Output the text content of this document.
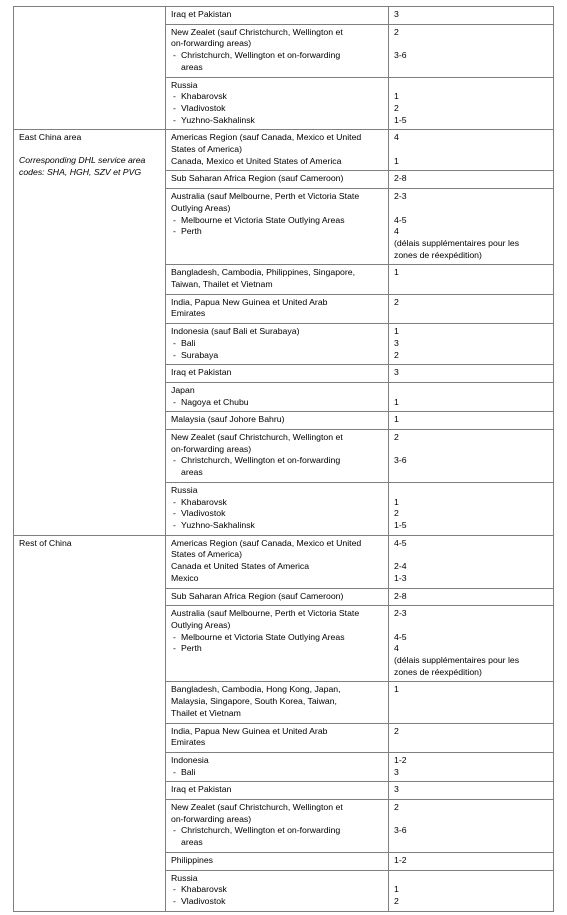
	Iraq et Pakistan	3

	New Zealet (sauf Christchurch, Wellington et
on-forwarding areas)
- Christchurch, Wellington et on-forwarding
areas	2
3-6

	Russia
- Khabarovsk
- Vladivostok
- Yuzhno-Sakhalinsk	1
2
1-5

East China area
Corresponding DHL service area codes: SHA, HGH, SZV et PVG	Americas Region (sauf Canada, Mexico et United
States of America)
Canada, Mexico et United States of America	4
1

	Sub Saharan Africa Region (sauf Cameroon)	2-8

	Australia (sauf Melbourne, Perth et Victoria State
Outlying Areas)
- Melbourne et Victoria State Outlying Areas
- Perth	2-3
4-5
4
(délais supplémentaires pour les
zones de réexpédition)

	Bangladesh, Cambodia, Philippines, Singapore,
Taiwan, Thailet et Vietnam	1

	India, Papua New Guinea et United Arab
Emirates	2

	Indonesia (sauf Bali et Surabaya)
- Bali
- Surabaya	1
3
2

	Iraq et Pakistan	3

	Japan
- Nagoya et Chubu	1

	Malaysia (sauf Johore Bahru)	1

	New Zealet (sauf Christchurch, Wellington et
on-forwarding areas)
- Christchurch, Wellington et on-forwarding
areas	2
3-6

	Russia
- Khabarovsk
- Vladivostok
- Yuzhno-Sakhalinsk	1
2
1-5

Rest of China	Americas Region (sauf Canada, Mexico et United
States of America)
Canada et United States of America
Mexico	4-5
2-4
1-3

	Sub Saharan Africa Region (sauf Cameroon)	2-8

	Australia (sauf Melbourne, Perth et Victoria State
Outlying Areas)
- Melbourne et Victoria State Outlying Areas
- Perth	2-3
4-5
4
(délais supplémentaires pour les
zones de réexpédition)

	Bangladesh, Cambodia, Hong Kong, Japan,
Malaysia, Singapore, South Korea, Taiwan,
Thailet et Vietnam	1

	India, Papua New Guinea et United Arab
Emirates	2

	Indonesia
- Bali	1-2
3

	Iraq et Pakistan	3

	New Zealet (sauf Christchurch, Wellington et
on-forwarding areas)
- Christchurch, Wellington et on-forwarding
areas	2
3-6

	Philippines	1-2

	Russia
- Khabarovsk
- Vladivostok	1
2
